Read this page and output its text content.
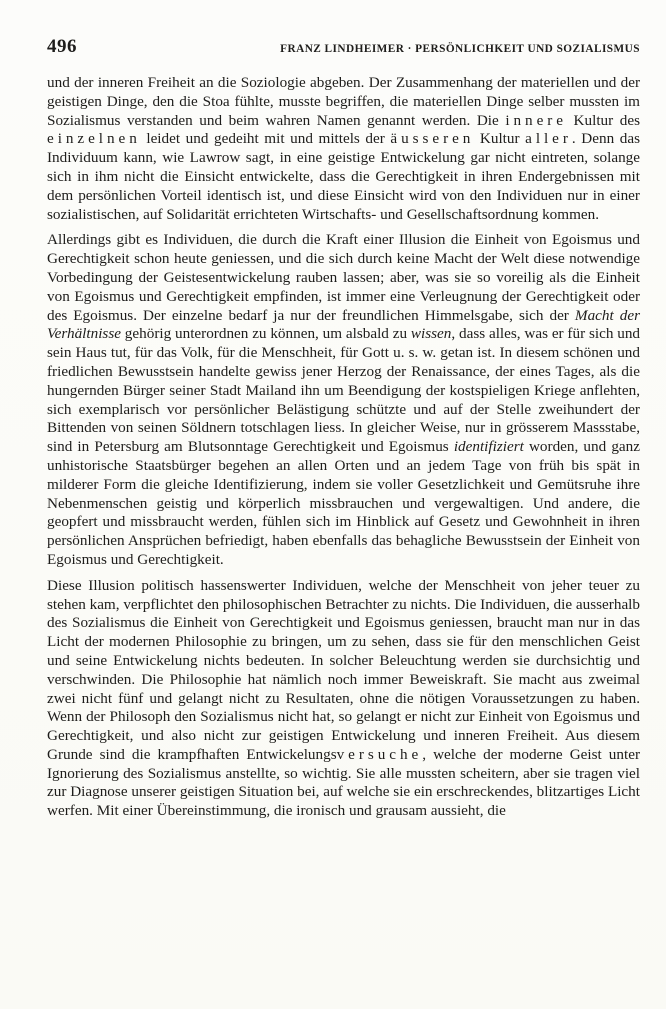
496	FRANZ LINDHEIMER · PERSÖNLICHKEIT UND SOZIALISMUS

und der inneren Freiheit an die Soziologie abgeben. Der Zusammenhang der materiellen und der geistigen Dinge, den die Stoa fühlte, musste begriffen, die materiellen Dinge selber mussten im Sozialismus verstanden und beim wahren Namen genannt werden. Die innere Kultur des einzelnen leidet und gedeiht mit und mittels der äusseren Kultur aller. Denn das Individuum kann, wie Lawrow sagt, in eine geistige Entwickelung gar nicht eintreten, solange sich in ihm nicht die Einsicht entwickelte, dass die Gerechtigkeit in ihren Endergebnissen mit dem persönlichen Vorteil identisch ist, und diese Einsicht wird von den Individuen nur in einer sozialistischen, auf Solidarität errichteten Wirtschafts- und Gesellschaftsordnung kommen.

Allerdings gibt es Individuen, die durch die Kraft einer Illusion die Einheit von Egoismus und Gerechtigkeit schon heute geniessen, und die sich durch keine Macht der Welt diese notwendige Vorbedingung der Geistesentwickelung rauben lassen; aber, was sie so voreilig als die Einheit von Egoismus und Gerechtigkeit empfinden, ist immer eine Verleugnung der Gerechtigkeit oder des Egoismus. Der einzelne bedarf ja nur der freundlichen Himmelsgabe, sich der Macht der Verhältnisse gehörig unterordnen zu können, um alsbald zu wissen, dass alles, was er für sich und sein Haus tut, für das Volk, für die Menschheit, für Gott u. s. w. getan ist. In diesem schönen und friedlichen Bewusstsein handelte gewiss jener Herzog der Renaissance, der eines Tages, als die hungernden Bürger seiner Stadt Mailand ihn um Beendigung der kostspieligen Kriege anflehten, sich exemplarisch vor persönlicher Belästigung schützte und auf der Stelle zweihundert der Bittenden von seinen Söldnern totschlagen liess. In gleicher Weise, nur in grösserem Massstabe, sind in Petersburg am Blutsonntage Gerechtigkeit und Egoismus identifiziert worden, und ganz unhistorische Staatsbürger begehen an allen Orten und an jedem Tage von früh bis spät in milderer Form die gleiche Identifizierung, indem sie voller Gesetzlichkeit und Gemütsruhe ihre Nebenmenschen geistig und körperlich missbrauchen und vergewaltigen. Und andere, die geopfert und missbraucht werden, fühlen sich im Hinblick auf Gesetz und Gewohnheit in ihren persönlichen Ansprüchen befriedigt, haben ebenfalls das behagliche Bewusstsein der Einheit von Egoismus und Gerechtigkeit.

Diese Illusion politisch hassenswerter Individuen, welche der Menschheit von jeher teuer zu stehen kam, verpflichtet den philosophischen Betrachter zu nichts. Die Individuen, die ausserhalb des Sozialismus die Einheit von Gerechtigkeit und Egoismus geniessen, braucht man nur in das Licht der modernen Philosophie zu bringen, um zu sehen, dass sie für den menschlichen Geist und seine Entwickelung nichts bedeuten. In solcher Beleuchtung werden sie durchsichtig und verschwinden. Die Philosophie hat nämlich noch immer Beweiskraft. Sie macht aus zweimal zwei nicht fünf und gelangt nicht zu Resultaten, ohne die nötigen Voraussetzungen zu haben. Wenn der Philosoph den Sozialismus nicht hat, so gelangt er nicht zur Einheit von Egoismus und Gerechtigkeit, und also nicht zur geistigen Entwickelung und inneren Freiheit. Aus diesem Grunde sind die krampfhaften Entwickelungsversuche, welche der moderne Geist unter Ignorierung des Sozialismus anstellte, so wichtig. Sie alle mussten scheitern, aber sie tragen viel zur Diagnose unserer geistigen Situation bei, auf welche sie ein erschreckendes, blitzartiges Licht werfen. Mit einer Übereinstimmung, die ironisch und grausam aussieht, die
